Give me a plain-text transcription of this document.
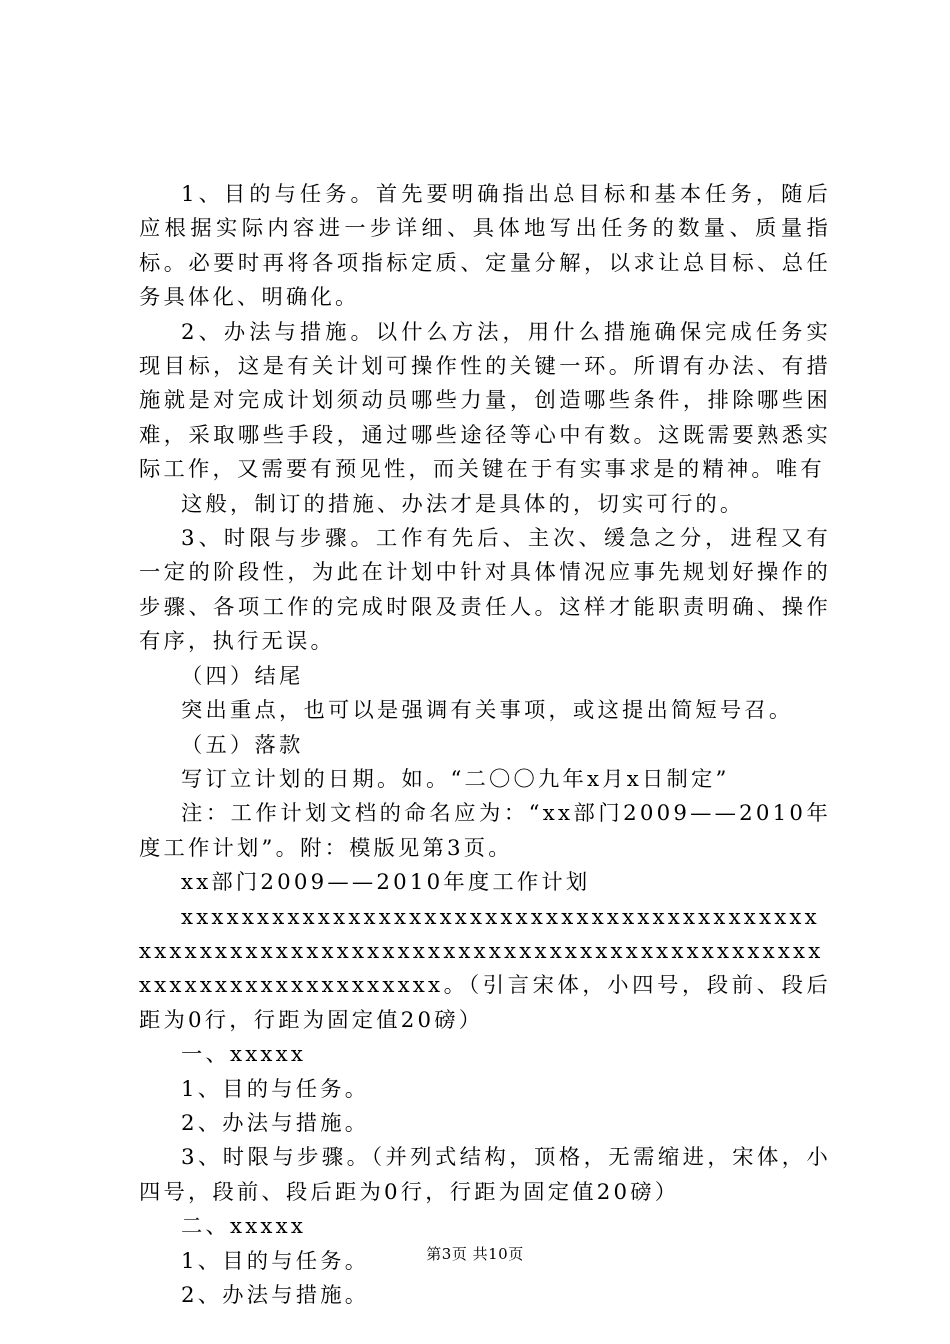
1、目的与任务。首先要明确指出总目标和基本任务，随后应根据实际内容进一步详细、具体地写出任务的数量、质量指标。必要时再将各项指标定质、定量分解，以求让总目标、总任务具体化、明确化。

2、办法与措施。以什么方法，用什么措施确保完成任务实现目标，这是有关计划可操作性的关键一环。所谓有办法、有措施就是对完成计划须动员哪些力量，创造哪些条件，排除哪些困难，采取哪些手段，通过哪些途径等心中有数。这既需要熟悉实际工作，又需要有预见性，而关键在于有实事求是的精神。唯有

这般，制订的措施、办法才是具体的，切实可行的。

3、时限与步骤。工作有先后、主次、缓急之分，进程又有一定的阶段性，为此在计划中针对具体情况应事先规划好操作的步骤、各项工作的完成时限及责任人。这样才能职责明确、操作有序，执行无误。

（四）结尾

突出重点，也可以是强调有关事项，或这提出简短号召。

（五）落款

写订立计划的日期。如。“二〇〇九年x月x日制定”

注：工作计划文档的命名应为：“xx部门2009——2010年度工作计划”。附：模版见第3页。

xx部门2009——2010年度工作计划

xxxxxxxxxxxxxxxxxxxxxxxxxxxxxxxxxxxxxxxxxxxxxxxxxxxxxxxxxxxxxxxxxxxxxxxxxxxxxxxxxxxxxxxxxxxxxxxxxxxxxxxxxxx。（引言宋体，小四号，段前、段后距为0行，行距为固定值20磅）

一、xxxxx

1、目的与任务。

2、办法与措施。

3、时限与步骤。（并列式结构，顶格，无需缩进，宋体，小四号，段前、段后距为0行，行距为固定值20磅）

二、xxxxx

1、目的与任务。

2、办法与措施。

第3页 共10页
